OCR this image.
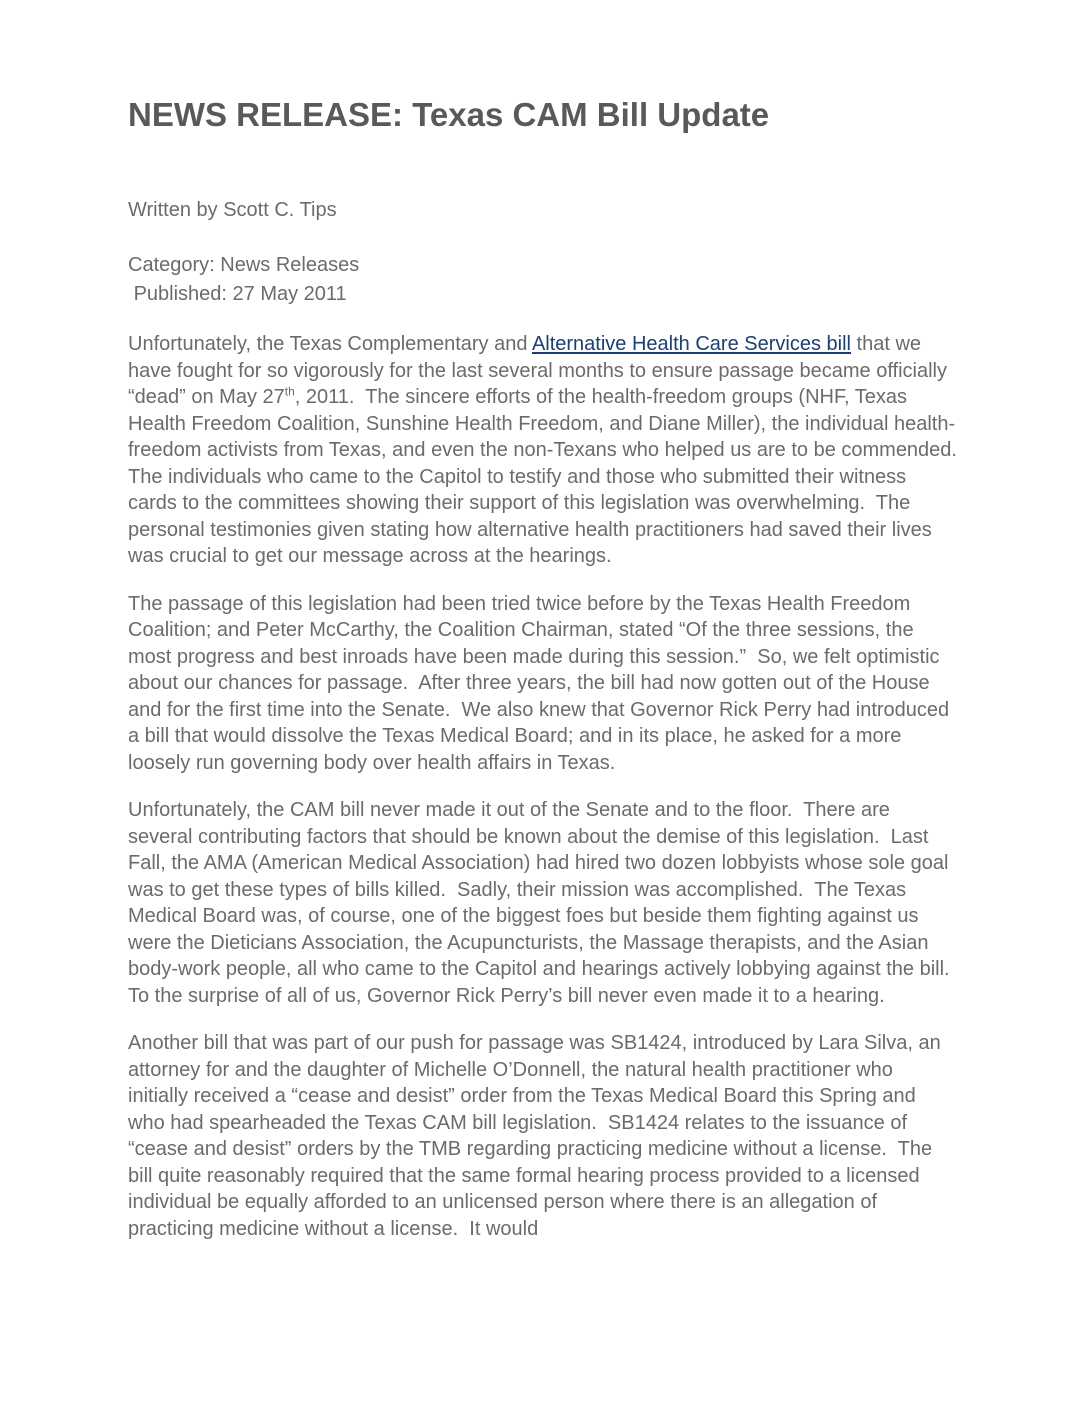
NEWS RELEASE: Texas CAM Bill Update
Written by Scott C. Tips
Category: News Releases
Published: 27 May 2011

Unfortunately, the Texas Complementary and Alternative Health Care Services bill that we have fought for so vigorously for the last several months to ensure passage became officially “dead” on May 27th, 2011.  The sincere efforts of the health-freedom groups (NHF, Texas Health Freedom Coalition, Sunshine Health Freedom, and Diane Miller), the individual health-freedom activists from Texas, and even the non-Texans who helped us are to be commended.  The individuals who came to the Capitol to testify and those who submitted their witness cards to the committees showing their support of this legislation was overwhelming.  The personal testimonies given stating how alternative health practitioners had saved their lives was crucial to get our message across at the hearings.

The passage of this legislation had been tried twice before by the Texas Health Freedom Coalition; and Peter McCarthy, the Coalition Chairman, stated “Of the three sessions, the most progress and best inroads have been made during this session.”  So, we felt optimistic about our chances for passage.  After three years, the bill had now gotten out of the House and for the first time into the Senate.  We also knew that Governor Rick Perry had introduced a bill that would dissolve the Texas Medical Board; and in its place, he asked for a more loosely run governing body over health affairs in Texas.

Unfortunately, the CAM bill never made it out of the Senate and to the floor.  There are several contributing factors that should be known about the demise of this legislation.  Last Fall, the AMA (American Medical Association) had hired two dozen lobbyists whose sole goal was to get these types of bills killed.  Sadly, their mission was accomplished.  The Texas Medical Board was, of course, one of the biggest foes but beside them fighting against us were the Dieticians Association, the Acupuncturists, the Massage therapists, and the Asian body-work people, all who came to the Capitol and hearings actively lobbying against the bill.  To the surprise of all of us, Governor Rick Perry’s bill never even made it to a hearing.

Another bill that was part of our push for passage was SB1424, introduced by Lara Silva, an attorney for and the daughter of Michelle O’Donnell, the natural health practitioner who initially received a “cease and desist” order from the Texas Medical Board this Spring and who had spearheaded the Texas CAM bill legislation.  SB1424 relates to the issuance of “cease and desist” orders by the TMB regarding practicing medicine without a license.  The bill quite reasonably required that the same formal hearing process provided to a licensed individual be equally afforded to an unlicensed person where there is an allegation of practicing medicine without a license.  It would
